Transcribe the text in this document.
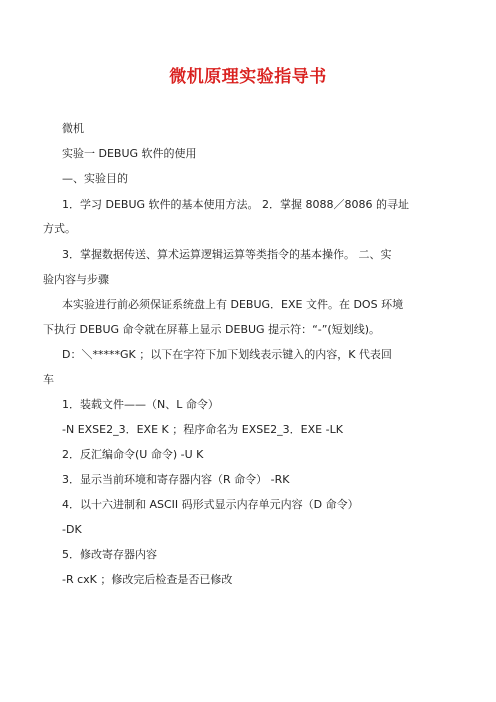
微机原理实验指导书
微机
实验一 DEBUG 软件的使用
—、实验目的
1．学习 DEBUG 软件的基本使用方法。 2．掌握 8088／8086 的寻址
方式。
3．掌握数据传送、算术运算逻辑运算等类指令的基本操作。 二、实
验内容与步骤
本实验进行前必须保证系统盘上有 DEBUG．EXE 文件。在 DOS 环境
下执行 DEBUG 命令就在屏幕上显示 DEBUG 提示符：“-”(短划线)。
D：＼*****GK ；以下在字符下加下划线表示键入的内容，K 代表回
车
1．装载文件——（N、L 命令）
-N EXSE2_3．EXE K ；程序命名为 EXSE2_3．EXE -LK
2．反汇编命令(U 命令) -U K
3．显示当前环境和寄存器内容（R 命令） -RK
4．以十六进制和 ASCII 码形式显示内存单元内容（D 命令）
-DK
5．修改寄存器内容
-R cxK ；修改完后检查是否已修改
